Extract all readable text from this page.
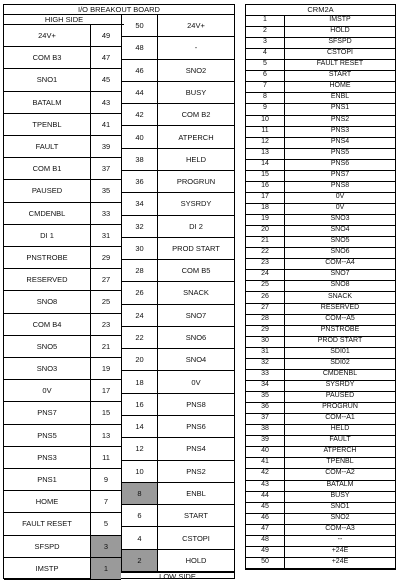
I/O BREAKOUT BOARD
HIGH SIDE
24V+	49
COM B3	47
SNO1	45
BATALM	43
TPENBL	41
FAULT	39
COM B1	37
PAUSED	35
CMDENBL	33
DI 1	31
PNSTROBE	29
RESERVED	27
SNO8	25
COM B4	23
SNO5	21
SNO3	19
0V	17
PNS7	15
PNS5	13
PNS3	11
PNS1	9
HOME	7
FAULT RESET	5
SFSPD	3
IMSTP	1
50	24V+
48	-
46	SNO2
44	BUSY
42	COM B2
40	ATPERCH
38	HELD
36	PROGRUN
34	SYSRDY
32	DI 2
30	PROD START
28	COM B5
26	SNACK
24	SNO7
22	SNO6
20	SNO4
18	0V
16	PNS8
14	PNS6
12	PNS4
10	PNS2
8	ENBL
6	START
4	CSTOPI
2	HOLD
LOW SIDE
CRM2A
1	IMSTP
2	HOLD
3	SFSPD
4	CSTOPI
5	FAULT RESET
6	START
7	HOME
8	ENBL
9	PNS1
10	PNS2
11	PNS3
12	PNS4
13	PNS5
14	PNS6
15	PNS7
16	PNS8
17	0V
18	0V
19	SNO3
20	SNO4
21	SNO5
22	SNO6
23	COM--A4
24	SNO7
25	SNO8
26	SNACK
27	RESERVED
28	COM--A5
29	PNSTROBE
30	PROD START
31	SDI01
32	SDI02
33	CMDENBL
34	SYSRDY
35	PAUSED
36	PROGRUN
37	COM--A1
38	HELD
39	FAULT
40	ATPERCH
41	TPENBL
42	COM--A2
43	BATALM
44	BUSY
45	SNO1
46	SNO2
47	COM--A3
48	--
49	+24E
50	+24E
